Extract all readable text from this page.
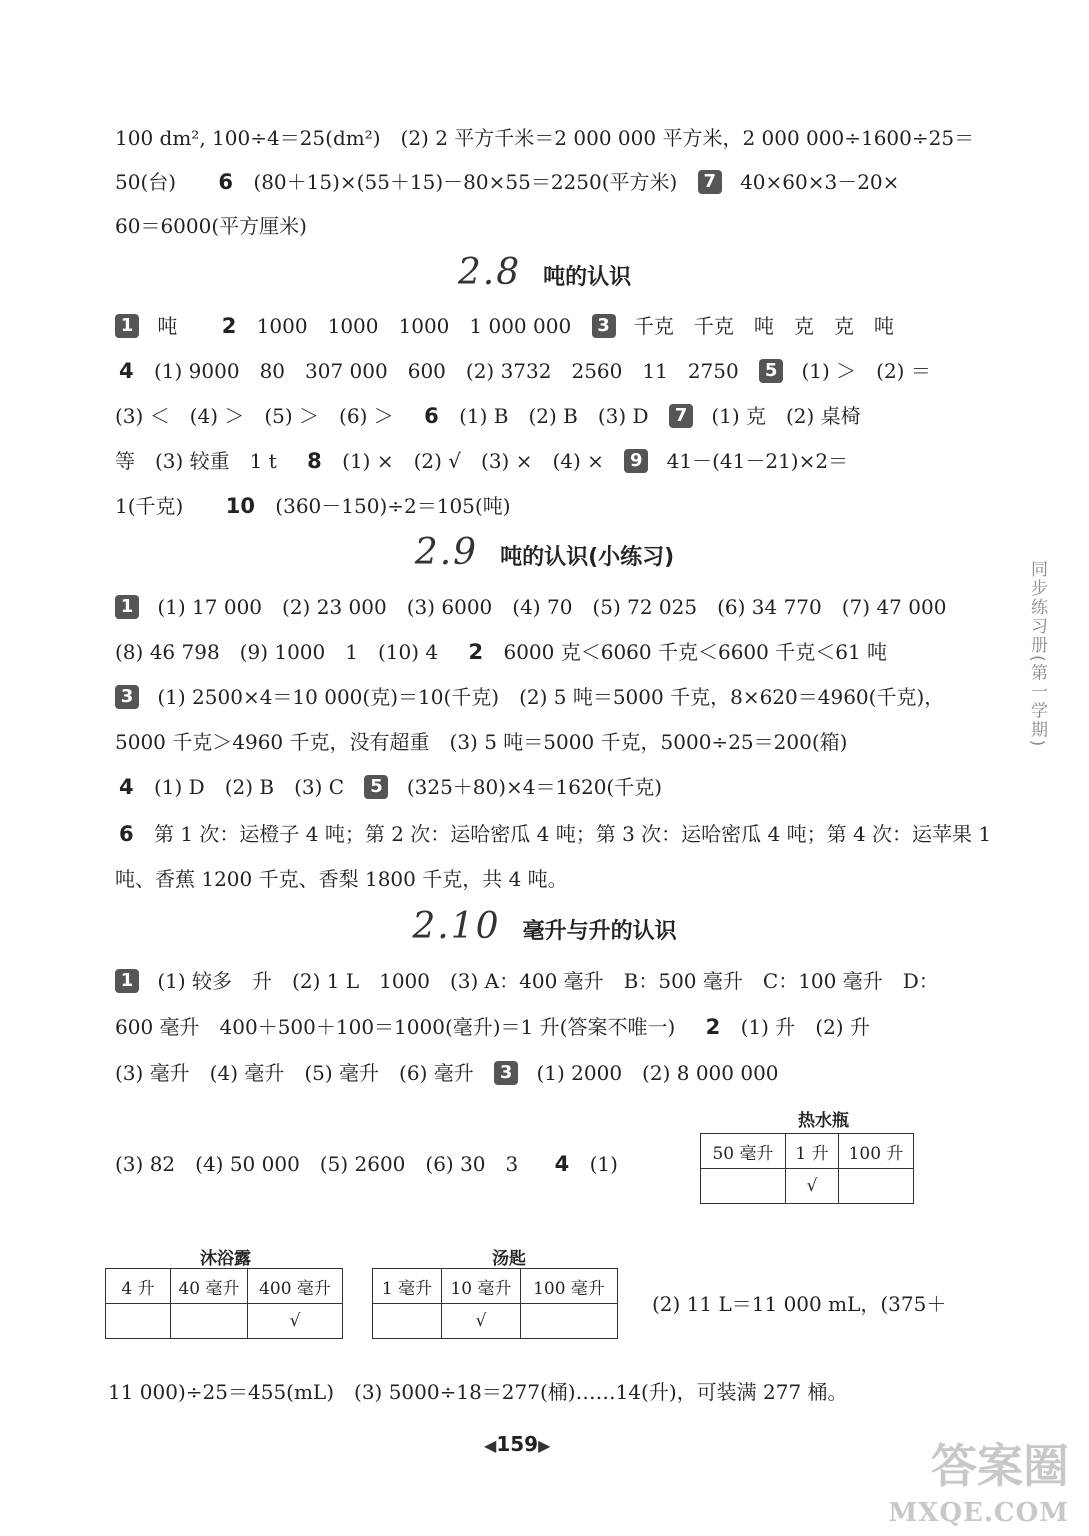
100 dm², 100÷4＝25(dm²)　(2) 2 平方千米＝2 000 000 平方米，2 000 000÷1600÷25＝
50(台) 6 (80＋15)×(55＋15)－80×55＝2250(平方米) 7 40×60×3－20×
60＝6000(平方厘米)
2.8 吨的认识
1 吨 2 1000　1000　1000　1 000 000 3 千克　千克　吨　克　克　吨
4 (1) 9000　80　307 000　600　(2) 3732　2560　11　2750 5 (1) ＞　(2) ＝
(3) ＜　(4) ＞　(5) ＞　(6) ＞ 6 (1) B　(2) B　(3) D 7 (1) 克　(2) 桌椅
等　(3) 较重　1 t 8 (1) ×　(2) √　(3) ×　(4) × 9 41－(41－21)×2＝
1(千克) 10 (360－150)÷2＝105(吨)
2.9 吨的认识(小练习)
1 (1) 17 000　(2) 23 000　(3) 6000　(4) 70　(5) 72 025　(6) 34 770　(7) 47 000
(8) 46 798　(9) 1000　1　(10) 4 2 6000 克＜6060 千克＜6600 千克＜61 吨
3 (1) 2500×4＝10 000(克)＝10(千克)　(2) 5 吨＝5000 千克，8×620＝4960(千克)，
5000 千克＞4960 千克，没有超重　(3) 5 吨＝5000 千克，5000÷25＝200(箱)
4 (1) D　(2) B　(3) C 5 (325＋80)×4＝1620(千克)
6 第 1 次：运橙子 4 吨；第 2 次：运哈密瓜 4 吨；第 3 次：运哈密瓜 4 吨；第 4 次：运苹果 1
吨、香蕉 1200 千克、香梨 1800 千克，共 4 吨。
2.10 毫升与升的认识
1 (1) 较多　升　(2) 1 L　1000　(3) A：400 毫升　B：500 毫升　C：100 毫升　D：
600 毫升　400＋500＋100＝1000(毫升)＝1 升(答案不唯一) 2 (1) 升　(2) 升
(3) 毫升　(4) 毫升　(5) 毫升　(6) 毫升 3 (1) 2000　(2) 8 000 000
(3) 82　(4) 50 000　(5) 2600　(6) 30　3 4 (1)
热水瓶
50 毫升	1 升	100 升
	√	
沐浴露
4 升	40 毫升	400 毫升
		√
汤匙
1 毫升	10 毫升	100 毫升
	√	
(2) 11 L＝11 000 mL，(375＋
11 000)÷25＝455(mL)　(3) 5000÷18＝277(桶)……14(升)，可装满 277 桶。
◀159▶
同步练习册(第一学期)
答案圈
MXQE.COM
